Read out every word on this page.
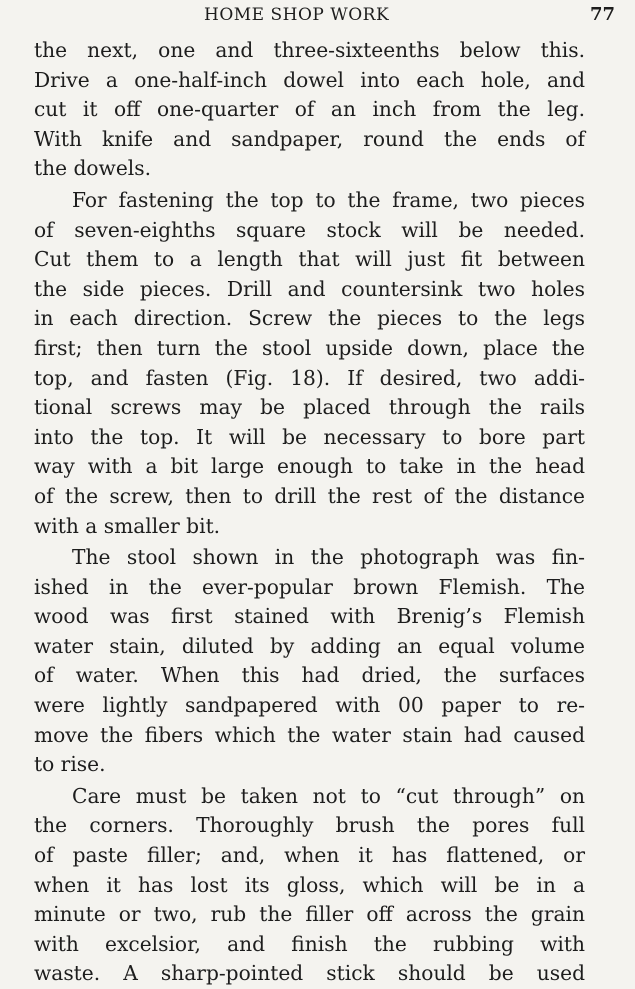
HOME SHOP WORK	77
the next, one and three-sixteenths below this.
Drive a one-half-inch dowel into each hole, and
cut it off one-quarter of an inch from the leg.
With knife and sandpaper, round the ends of
the dowels.
For fastening the top to the frame, two pieces
of seven-eighths square stock will be needed.
Cut them to a length that will just fit between
the side pieces. Drill and countersink two holes
in each direction. Screw the pieces to the legs
first; then turn the stool upside down, place the
top, and fasten (Fig. 18). If desired, two addi-
tional screws may be placed through the rails
into the top. It will be necessary to bore part
way with a bit large enough to take in the head
of the screw, then to drill the rest of the distance
with a smaller bit.
The stool shown in the photograph was fin-
ished in the ever-popular brown Flemish. The
wood was first stained with Brenig’s Flemish
water stain, diluted by adding an equal volume
of water. When this had dried, the surfaces
were lightly sandpapered with 00 paper to re-
move the fibers which the water stain had caused
to rise.
Care must be taken not to “cut through” on
the corners. Thoroughly brush the pores full
of paste filler; and, when it has flattened, or
when it has lost its gloss, which will be in a
minute or two, rub the filler off across the grain
with excelsior, and finish the rubbing with
waste. A sharp-pointed stick should be used
